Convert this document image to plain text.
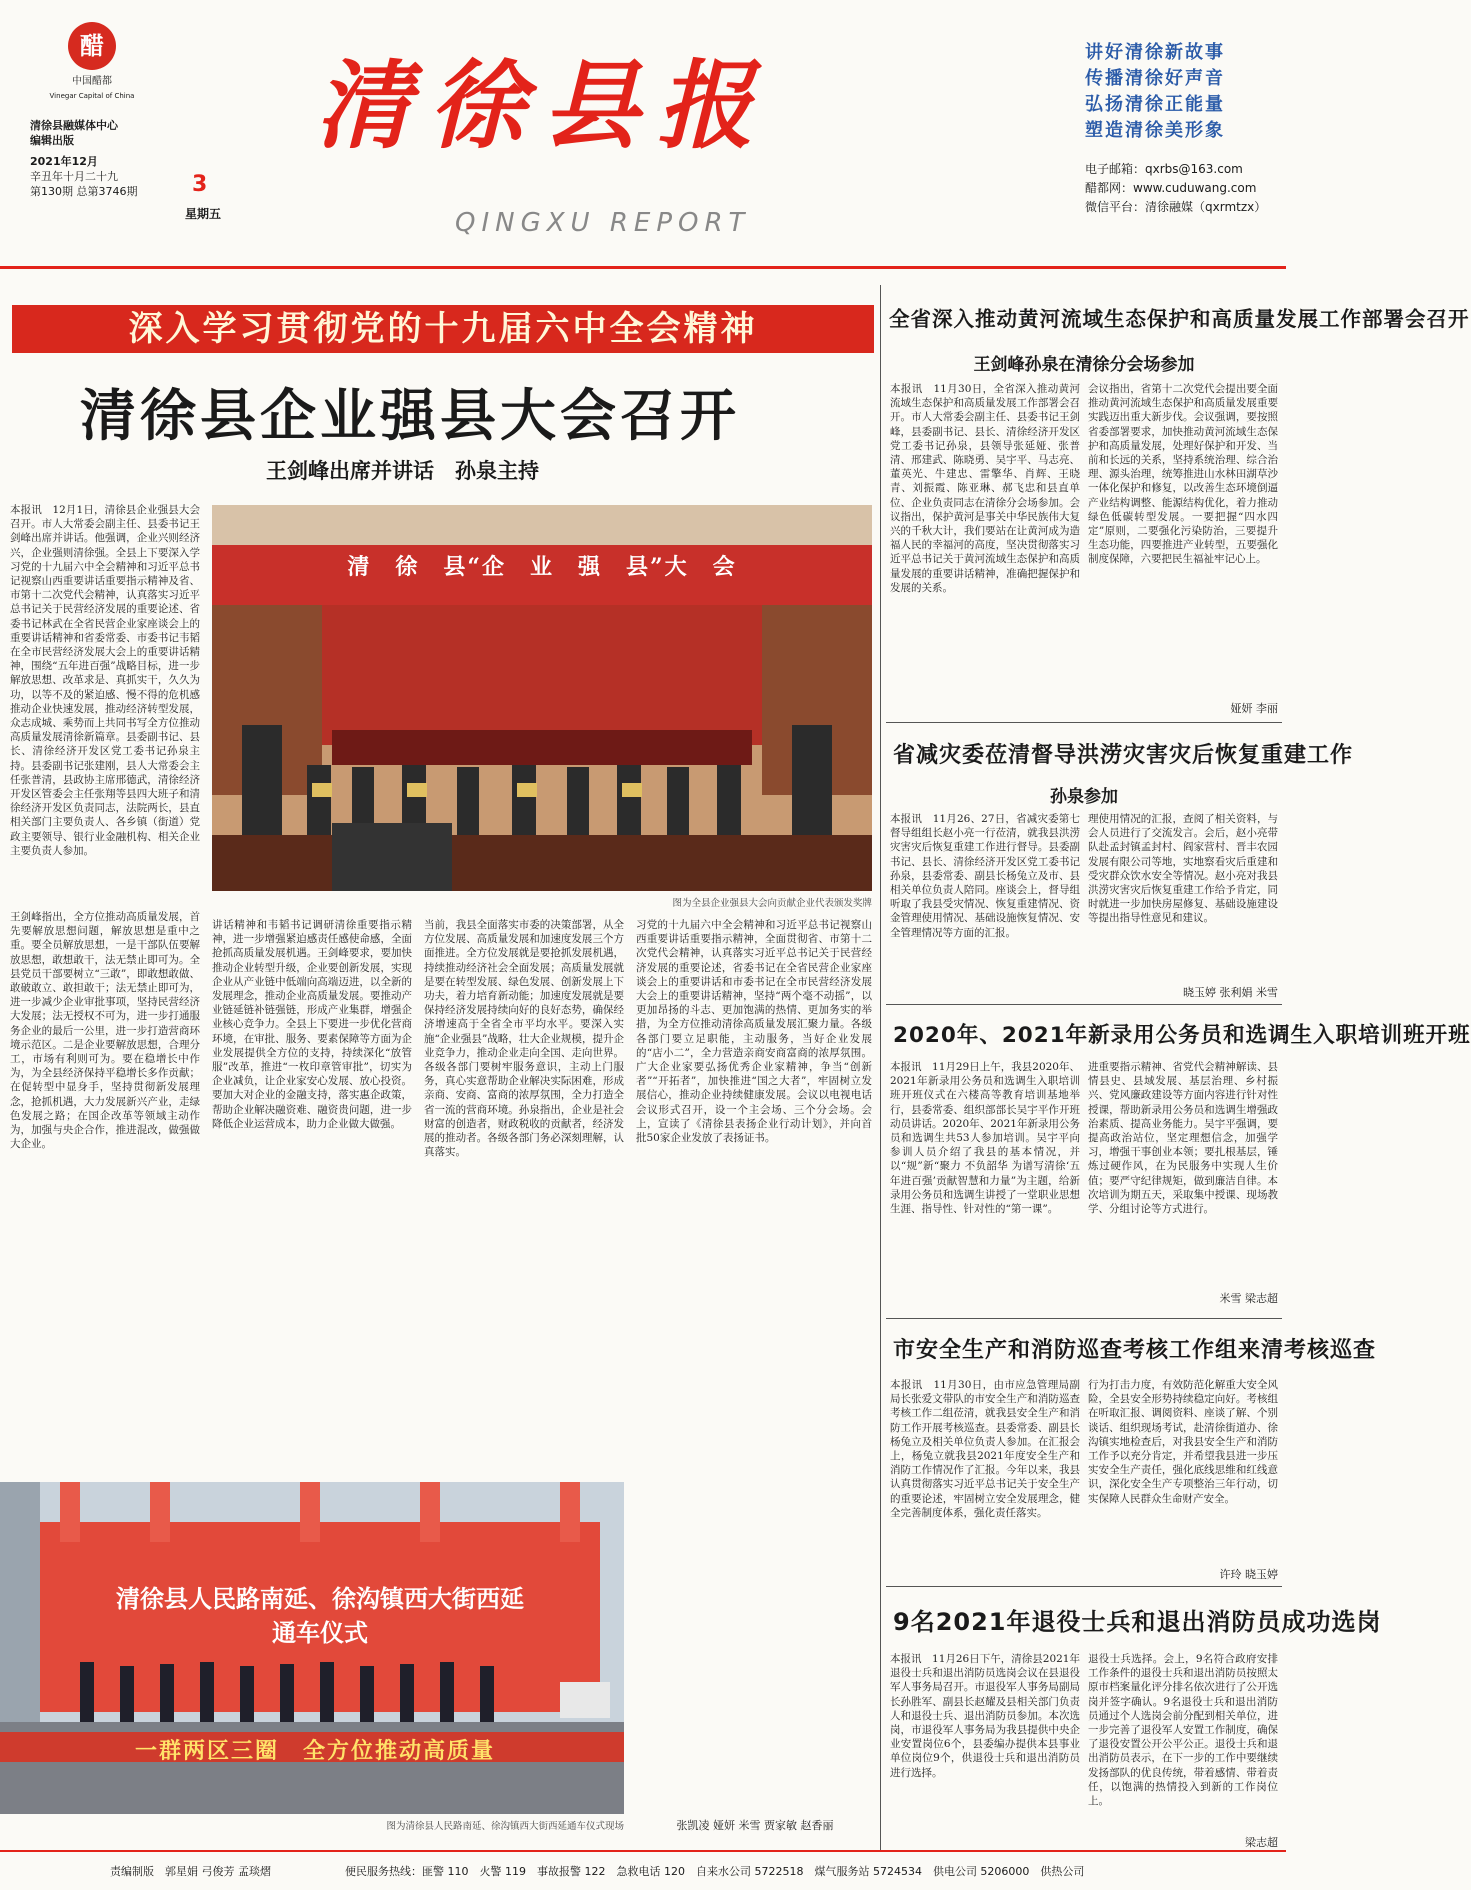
醋
中国醋都
Vinegar Capital of China
清徐县融媒体中心
编辑出版
2021年12月
辛丑年十月二十九
第130期 总第3746期	3
星期五
清徐县报
QINGXU REPORT
讲好清徐新故事
传播清徐好声音
弘扬清徐正能量
塑造清徐美形象
电子邮箱：qxrbs@163.com
醋都网：www.cuduwang.com
微信平台：清徐融媒（qxrmtzx）
深入学习贯彻党的十九届六中全会精神
清徐县企业强县大会召开
王剑峰出席并讲话　孙泉主持
本报讯　12月1日，清徐县企业强县大会召开。市人大常委会副主任、县委书记王剑峰出席并讲话。他强调，企业兴则经济兴，企业强则清徐强。全县上下要深入学习党的十九届六中全会精神和习近平总书记视察山西重要讲话重要指示精神及省、市第十二次党代会精神，认真落实习近平总书记关于民营经济发展的重要论述、省委书记林武在全省民营企业家座谈会上的重要讲话精神和省委常委、市委书记韦韬在全市民营经济发展大会上的重要讲话精神，围绕“五年进百强”战略目标，进一步解放思想、改革求是、真抓实干，久久为功，以等不及的紧迫感、慢不得的危机感推动企业快速发展，推动经济转型发展，众志成城、乘势而上共同书写全方位推动高质量发展清徐新篇章。县委副书记、县长、清徐经济开发区党工委书记孙泉主持。县委副书记张建刚，县人大常委会主任张普清，县政协主席邢德武，清徐经济开发区管委会主任张翔等县四大班子和清徐经济开发区负责同志，法院两长，县直相关部门主要负责人、各乡镇（街道）党政主要领导、银行业金融机构、相关企业主要负责人参加。
清　徐　县“企　业　强　县”大　会
图为全县企业强县大会向贡献企业代表颁发奖牌
王剑峰指出，全方位推动高质量发展，首先要解放思想问题，解放思想是重中之重。要全员解放思想，一是干部队伍要解放思想，敢想敢干，法无禁止即可为。全县党员干部要树立“三敢”，即敢想敢做、敢破敢立、敢担敢干；法无禁止即可为，进一步减少企业审批事项，坚持民营经济大发展；法无授权不可为，进一步打通服务企业的最后一公里，进一步打造营商环境示范区。二是企业要解放思想，合理分工，市场有利则可为。要在稳增长中作为，为全县经济保持平稳增长多作贡献；在促转型中显身手，坚持贯彻新发展理念，抢抓机遇，大力发展新兴产业，走绿色发展之路；在国企改革等领域主动作为，加强与央企合作，推进混改，做强做大企业。
讲话精神和韦韬书记调研清徐重要指示精神，进一步增强紧迫感责任感使命感，全面抢抓高质量发展机遇。王剑峰要求，要加快推动企业转型升级，企业要创新发展，实现企业从产业链中低端向高端迈进，以全新的发展理念，推动企业高质量发展。要推动产业链延链补链强链，形成产业集群，增强企业核心竞争力。全县上下要进一步优化营商环境，在审批、服务、要素保障等方面为企业发展提供全方位的支持，持续深化“放管服”改革，推进“一枚印章管审批”，切实为企业减负，让企业家安心发展、放心投资。要加大对企业的金融支持，落实惠企政策，帮助企业解决融资难、融资贵问题，进一步降低企业运营成本，助力企业做大做强。
当前，我县全面落实市委的决策部署，从全方位发展、高质量发展和加速度发展三个方面推进。全方位发展就是要抢抓发展机遇，持续推动经济社会全面发展；高质量发展就是要在转型发展、绿色发展、创新发展上下功夫，着力培育新动能；加速度发展就是要保持经济发展持续向好的良好态势，确保经济增速高于全省全市平均水平。要深入实施“企业强县”战略，壮大企业规模，提升企业竞争力，推动企业走向全国、走向世界。各级各部门要树牢服务意识，主动上门服务，真心实意帮助企业解决实际困难，形成亲商、安商、富商的浓厚氛围，全力打造全省一流的营商环境。孙泉指出，企业是社会财富的创造者，财政税收的贡献者，经济发展的推动者。各级各部门务必深刻理解，认真落实。
习党的十九届六中全会精神和习近平总书记视察山西重要讲话重要指示精神，全面贯彻省、市第十二次党代会精神，认真落实习近平总书记关于民营经济发展的重要论述，省委书记在全省民营企业家座谈会上的重要讲话和市委书记在全市民营经济发展大会上的重要讲话精神，坚持“两个毫不动摇”，以更加昂扬的斗志、更加饱满的热情、更加务实的举措，为全方位推动清徐高质量发展汇聚力量。各级各部门要立足职能，主动服务，当好企业发展的“店小二”，全力营造亲商安商富商的浓厚氛围。广大企业家要弘扬优秀企业家精神，争当“创新者”“开拓者”，加快推进“国之大者”，牢固树立发展信心，推动企业持续健康发展。会议以电视电话会议形式召开，设一个主会场、三个分会场。会上，宣读了《清徐县表扬企业行动计划》，并向首批50家企业发放了表扬证书。
张凯凌 娅妍 米雪 贾家敏 赵香丽
清徐县人民路南延、徐沟镇西大街西延
通车仪式
一群两区三圈　全方位推动高质量
图为清徐县人民路南延、徐沟镇西大街西延通车仪式现场
全省深入推动黄河流域生态保护和高质量发展工作部署会召开
王剑峰孙泉在清徐分会场参加
本报讯　11月30日，全省深入推动黄河流域生态保护和高质量发展工作部署会召开。市人大常委会副主任、县委书记王剑峰，县委副书记、县长、清徐经济开发区党工委书记孙泉，县领导张延娅、张普清、邢建武、陈晓勇、吴宇平、马志亮、董英光、牛建忠、雷擎华、肖辉、王晓青、刘振霞、陈亚琳、郝飞忠和县直单位、企业负责同志在清徐分会场参加。会议指出，保护黄河是事关中华民族伟大复兴的千秋大计，我们要站在让黄河成为造福人民的幸福河的高度，坚决贯彻落实习近平总书记关于黄河流域生态保护和高质量发展的重要讲话精神，准确把握保护和发展的关系。
会议指出，省第十二次党代会提出要全面推动黄河流域生态保护和高质量发展重要实践迈出重大新步伐。会议强调，要按照省委部署要求，加快推动黄河流域生态保护和高质量发展，处理好保护和开发、当前和长远的关系，坚持系统治理、综合治理、源头治理，统筹推进山水林田湖草沙一体化保护和修复，以改善生态环境倒逼产业结构调整、能源结构优化，着力推动绿色低碳转型发展。一要把握“四水四定”原则，二要强化污染防治，三要提升生态功能，四要推进产业转型，五要强化制度保障，六要把民生福祉牢记心上。
娅妍 李丽
省减灾委莅清督导洪涝灾害灾后恢复重建工作
孙泉参加
本报讯　11月26、27日，省减灾委第七督导组组长赵小亮一行莅清，就我县洪涝灾害灾后恢复重建工作进行督导。县委副书记、县长、清徐经济开发区党工委书记孙泉，县委常委、副县长杨兔立及市、县相关单位负责人陪同。座谈会上，督导组听取了我县受灾情况、恢复重建情况、资金管理使用情况、基础设施恢复情况、安全管理情况等方面的汇报。
理使用情况的汇报，查阅了相关资料，与会人员进行了交流发言。会后，赵小亮带队赴孟封镇孟封村、阎家营村、晋丰农园发展有限公司等地，实地察看灾后重建和受灾群众饮水安全等情况。赵小亮对我县洪涝灾害灾后恢复重建工作给予肯定，同时就进一步加快房屋修复、基础设施建设等提出指导性意见和建议。
晓玉婷 张利娟 米雪
2020年、2021年新录用公务员和选调生入职培训班开班
本报讯　11月29日上午，我县2020年、2021年新录用公务员和选调生入职培训班开班仪式在六楼高等教育培训基地举行，县委常委、组织部部长吴宇平作开班动员讲话。2020年、2021年新录用公务员和选调生共53人参加培训。吴宇平向参训人员介绍了我县的基本情况，并以“规”新“聚力 不负韶华 为谱写清徐‘五年进百强’贡献智慧和力量”为主题，给新录用公务员和选调生讲授了一堂职业思想生涯、指导性、针对性的“第一课”。
进重要指示精神、省党代会精神解读、县情县史、县域发展、基层治理、乡村振兴、党风廉政建设等方面内容进行针对性授课，帮助新录用公务员和选调生增强政治素质、提高业务能力。吴宇平强调，要提高政治站位，坚定理想信念，加强学习，增强干事创业本领；要扎根基层，锤炼过硬作风，在为民服务中实现人生价值；要严守纪律规矩，做到廉洁自律。本次培训为期五天，采取集中授课、现场教学、分组讨论等方式进行。
米雪 梁志超
市安全生产和消防巡查考核工作组来清考核巡查
本报讯　11月30日，由市应急管理局副局长张爱文带队的市安全生产和消防巡查考核工作二组莅清，就我县安全生产和消防工作开展考核巡查。县委常委、副县长杨兔立及相关单位负责人参加。在汇报会上，杨兔立就我县2021年度安全生产和消防工作情况作了汇报。今年以来，我县认真贯彻落实习近平总书记关于安全生产的重要论述，牢固树立安全发展理念，健全完善制度体系，强化责任落实。
行为打击力度，有效防范化解重大安全风险，全县安全形势持续稳定向好。考核组在听取汇报、调阅资料、座谈了解、个别谈话、组织现场考试，赴清徐街道办、徐沟镇实地检查后，对我县安全生产和消防工作予以充分肯定，并希望我县进一步压实安全生产责任，强化底线思维和红线意识，深化安全生产专项整治三年行动，切实保障人民群众生命财产安全。
许玲 晓玉婷
9名2021年退役士兵和退出消防员成功选岗
本报讯　11月26日下午，清徐县2021年退役士兵和退出消防员选岗会议在县退役军人事务局召开。市退役军人事务局副局长孙胜军、副县长赵耀及县相关部门负责人和退役士兵、退出消防员参加。本次选岗，市退役军人事务局为我县提供中央企业安置岗位6个，县委编办提供本县事业单位岗位9个，供退役士兵和退出消防员进行选择。
退役士兵选择。会上，9名符合政府安排工作条件的退役士兵和退出消防员按照太原市档案量化评分排名依次进行了公开选岗并签字确认。9名退役士兵和退出消防员通过个人选岗会前分配到相关单位，进一步完善了退役军人安置工作制度，确保了退役安置公开公平公正。退役士兵和退出消防员表示，在下一步的工作中要继续发扬部队的优良传统，带着感情、带着责任，以饱满的热情投入到新的工作岗位上。
梁志超
责编制版　郭星娟 弓俊芳 孟琰熠	便民服务热线：匪警 110　火警 119　事故报警 122　急救电话 120　自来水公司 5722518　煤气服务站 5724534　供电公司 5206000　供热公司
